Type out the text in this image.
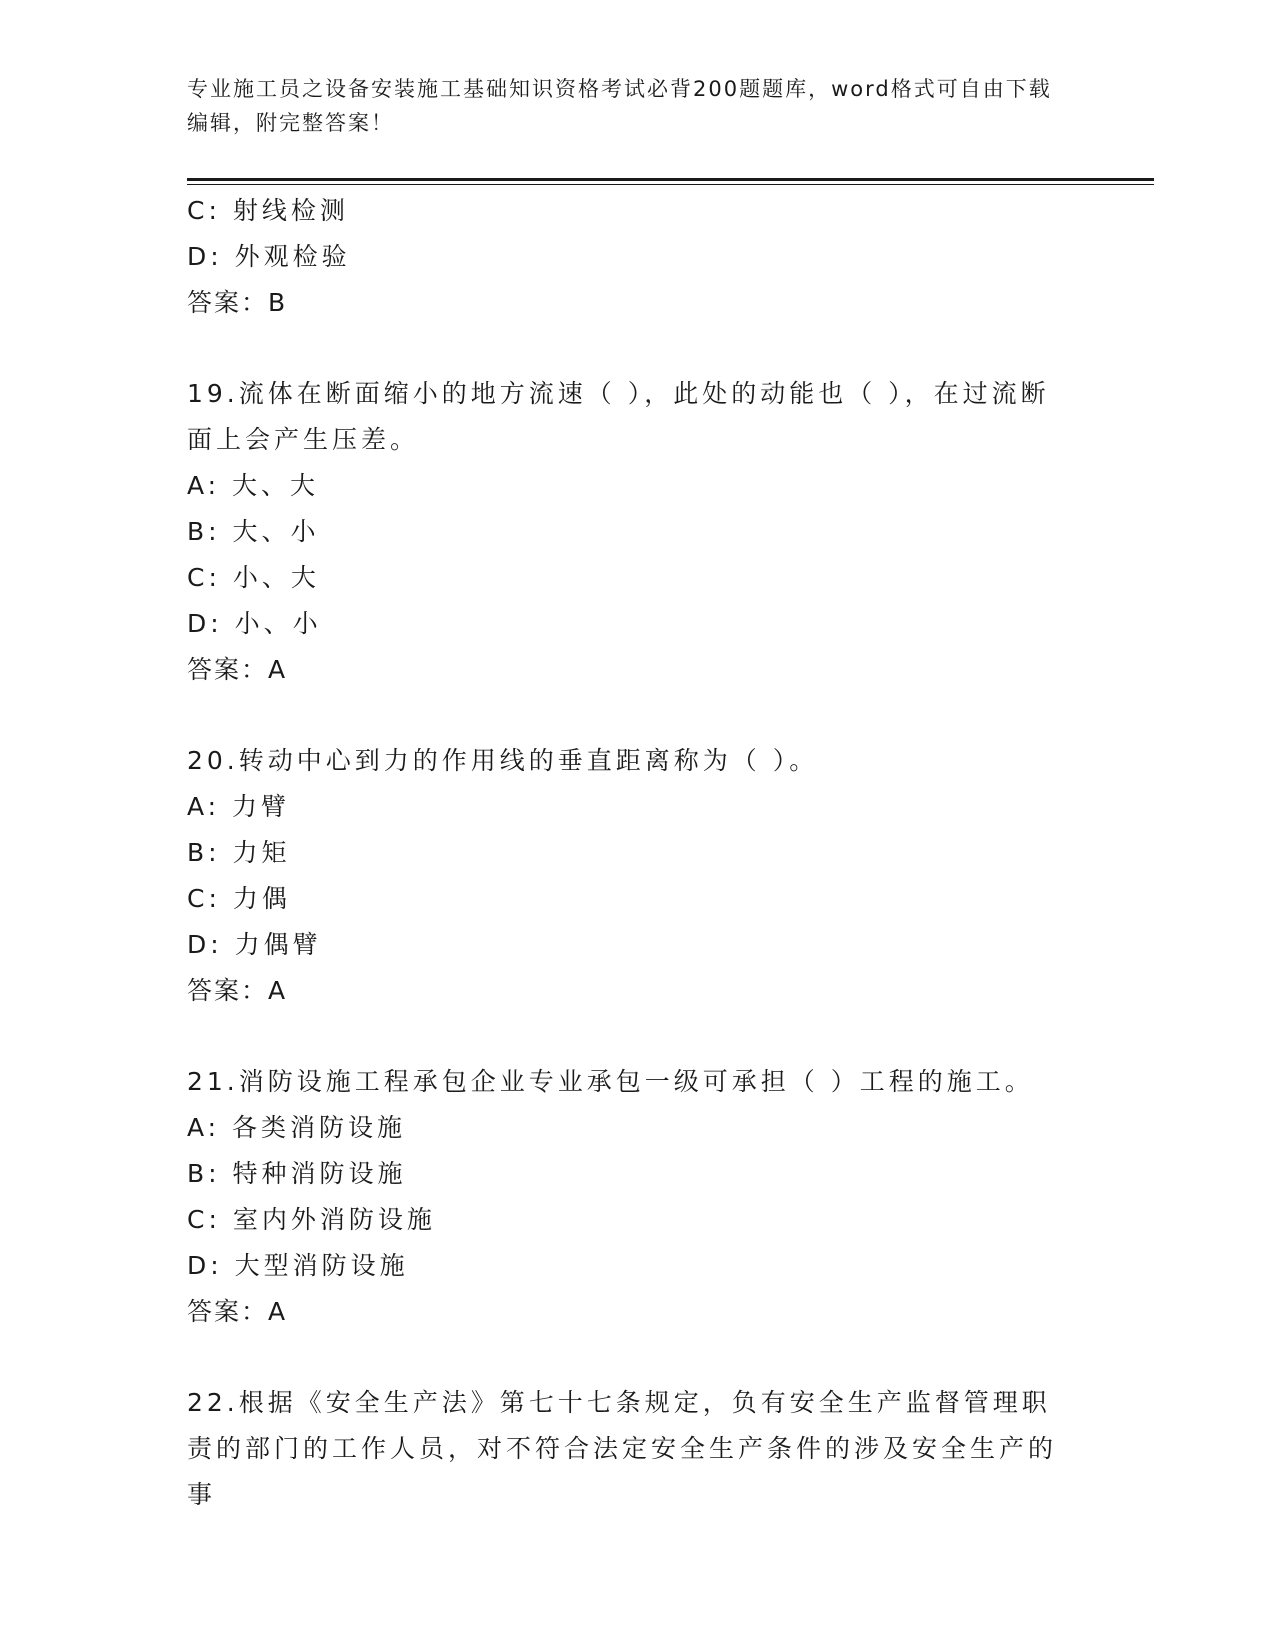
专业施工员之设备安装施工基础知识资格考试必背200题题库，word格式可自由下载编辑，附完整答案！
C: 射线检测
D: 外观检验
答案：B
19.流体在断面缩小的地方流速（ ），此处的动能也（ ），在过流断面上会产生压差。
A: 大、大
B: 大、小
C: 小、大
D: 小、小
答案：A
20.转动中心到力的作用线的垂直距离称为（ ）。
A: 力臂
B: 力矩
C: 力偶
D: 力偶臂
答案：A
21.消防设施工程承包企业专业承包一级可承担（ ）工程的施工。
A: 各类消防设施
B: 特种消防设施
C: 室内外消防设施
D: 大型消防设施
答案：A
22.根据《安全生产法》第七十七条规定，负有安全生产监督管理职责的部门的工作人员，对不符合法定安全生产条件的涉及安全生产的事
